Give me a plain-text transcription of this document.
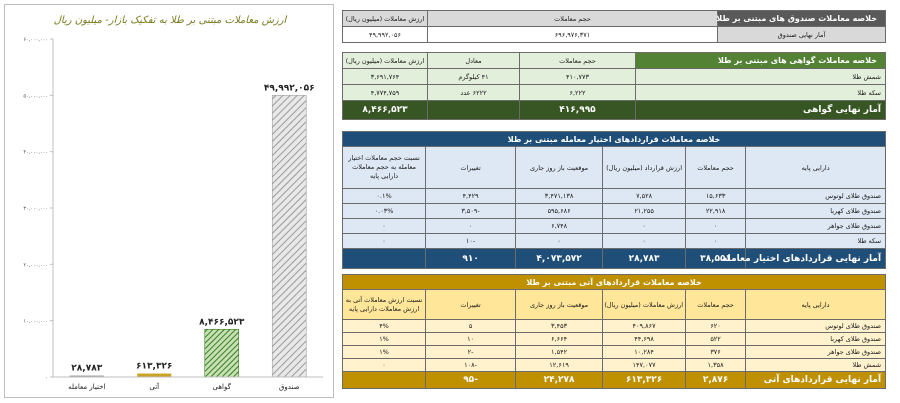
ارزش معاملات مبتنی بر طلا به تفکیک بازار- میلیون ریال
۰
۱۰,۰۰۰,۰۰۰
۲۰,۰۰۰,۰۰۰
۳۰,۰۰۰,۰۰۰
۴۰,۰۰۰,۰۰۰
۵۰,۰۰۰,۰۰۰
۶۰,۰۰۰,۰۰۰
۴۹,۹۹۲,۰۵۶
۸,۴۶۶,۵۲۳
۶۱۳,۳۲۶
۲۸,۷۸۳
صندوق
گواهی
آتی
اختیار معامله
خلاصه معاملات صندوق های مبتنی بر طلا	حجم معاملات	ارزش معاملات (میلیون ریال)
آمار نهایی صندوق	۶۹۶,۹۷۶,۳۷۱	۴۹,۹۹۲,۰۵۶
خلاصه معاملات گواهی های مبتنی بر طلا	حجم معاملات	معادل	ارزش معاملات (میلیون ریال)
شمش طلا	۴۱۰,۷۷۳	۴۱ کیلوگرم	۳,۶۹۱,۷۶۴
سکه طلا	۶,۲۲۲	۶۲۲۲ عدد	۴,۷۷۴,۷۵۹
آمار نهایی گواهی	۴۱۶,۹۹۵		۸,۴۶۶,۵۲۳
خلاصه معاملات قراردادهای اختیار معامله مبتنی بر طلا					
دارایی پایه	حجم معاملات	ارزش قرارداد (میلیون ریال)	موقعیت باز روز جاری	تغییرات	نسبت حجم معاملات اختیار معامله به حجم معاملات دارایی پایه
صندوق طلای لوتوس	۱۵,۶۳۳	۷,۵۲۸	۳,۴۷۱,۱۳۸	۴,۴۲۹	۰.۱%
صندوق طلای کهربا	۲۲,۹۱۸	۲۱,۲۵۵	۵۹۵,۶۸۶	-۳,۵۰۹	۰.۰۳%
صندوق طلای جواهر	۰	۰	۶,۷۴۸	۰	۰
سکه طلا	۰	۰	۰	-۱۰	۰
آمار نهایی قراردادهای اختیار معامله	۳۸,۵۵۱	۲۸,۷۸۳	۴,۰۷۳,۵۷۲	۹۱۰	
خلاصه معاملات قراردادهای آتی مبتنی بر طلا					
دارایی پایه	حجم معاملات	ارزش معاملات (میلیون ریال)	موقعیت باز روز جاری	تغییرات	نسبت ارزش معاملات آتی به ارزش معاملات دارایی پایه
صندوق طلای لوتوس	۶۲۰	۴۰۹,۸۶۷	۳,۴۵۳	۵	۴%
صندوق طلای کهربا	۵۲۲	۴۴,۶۹۸	۶,۶۶۴	۱۰	۱%
صندوق طلای جواهر	۳۷۶	۱۰,۲۸۴	۱,۵۴۲	-۲	۱%
شمش طلا	۱,۳۵۸	۱۴۷,۰۷۷	۱۲,۶۱۹	-۱۰۸	۰
آمار نهایی قراردادهای آتی	۲,۸۷۶	۶۱۳,۳۲۶	۲۴,۲۷۸	-۹۵	
